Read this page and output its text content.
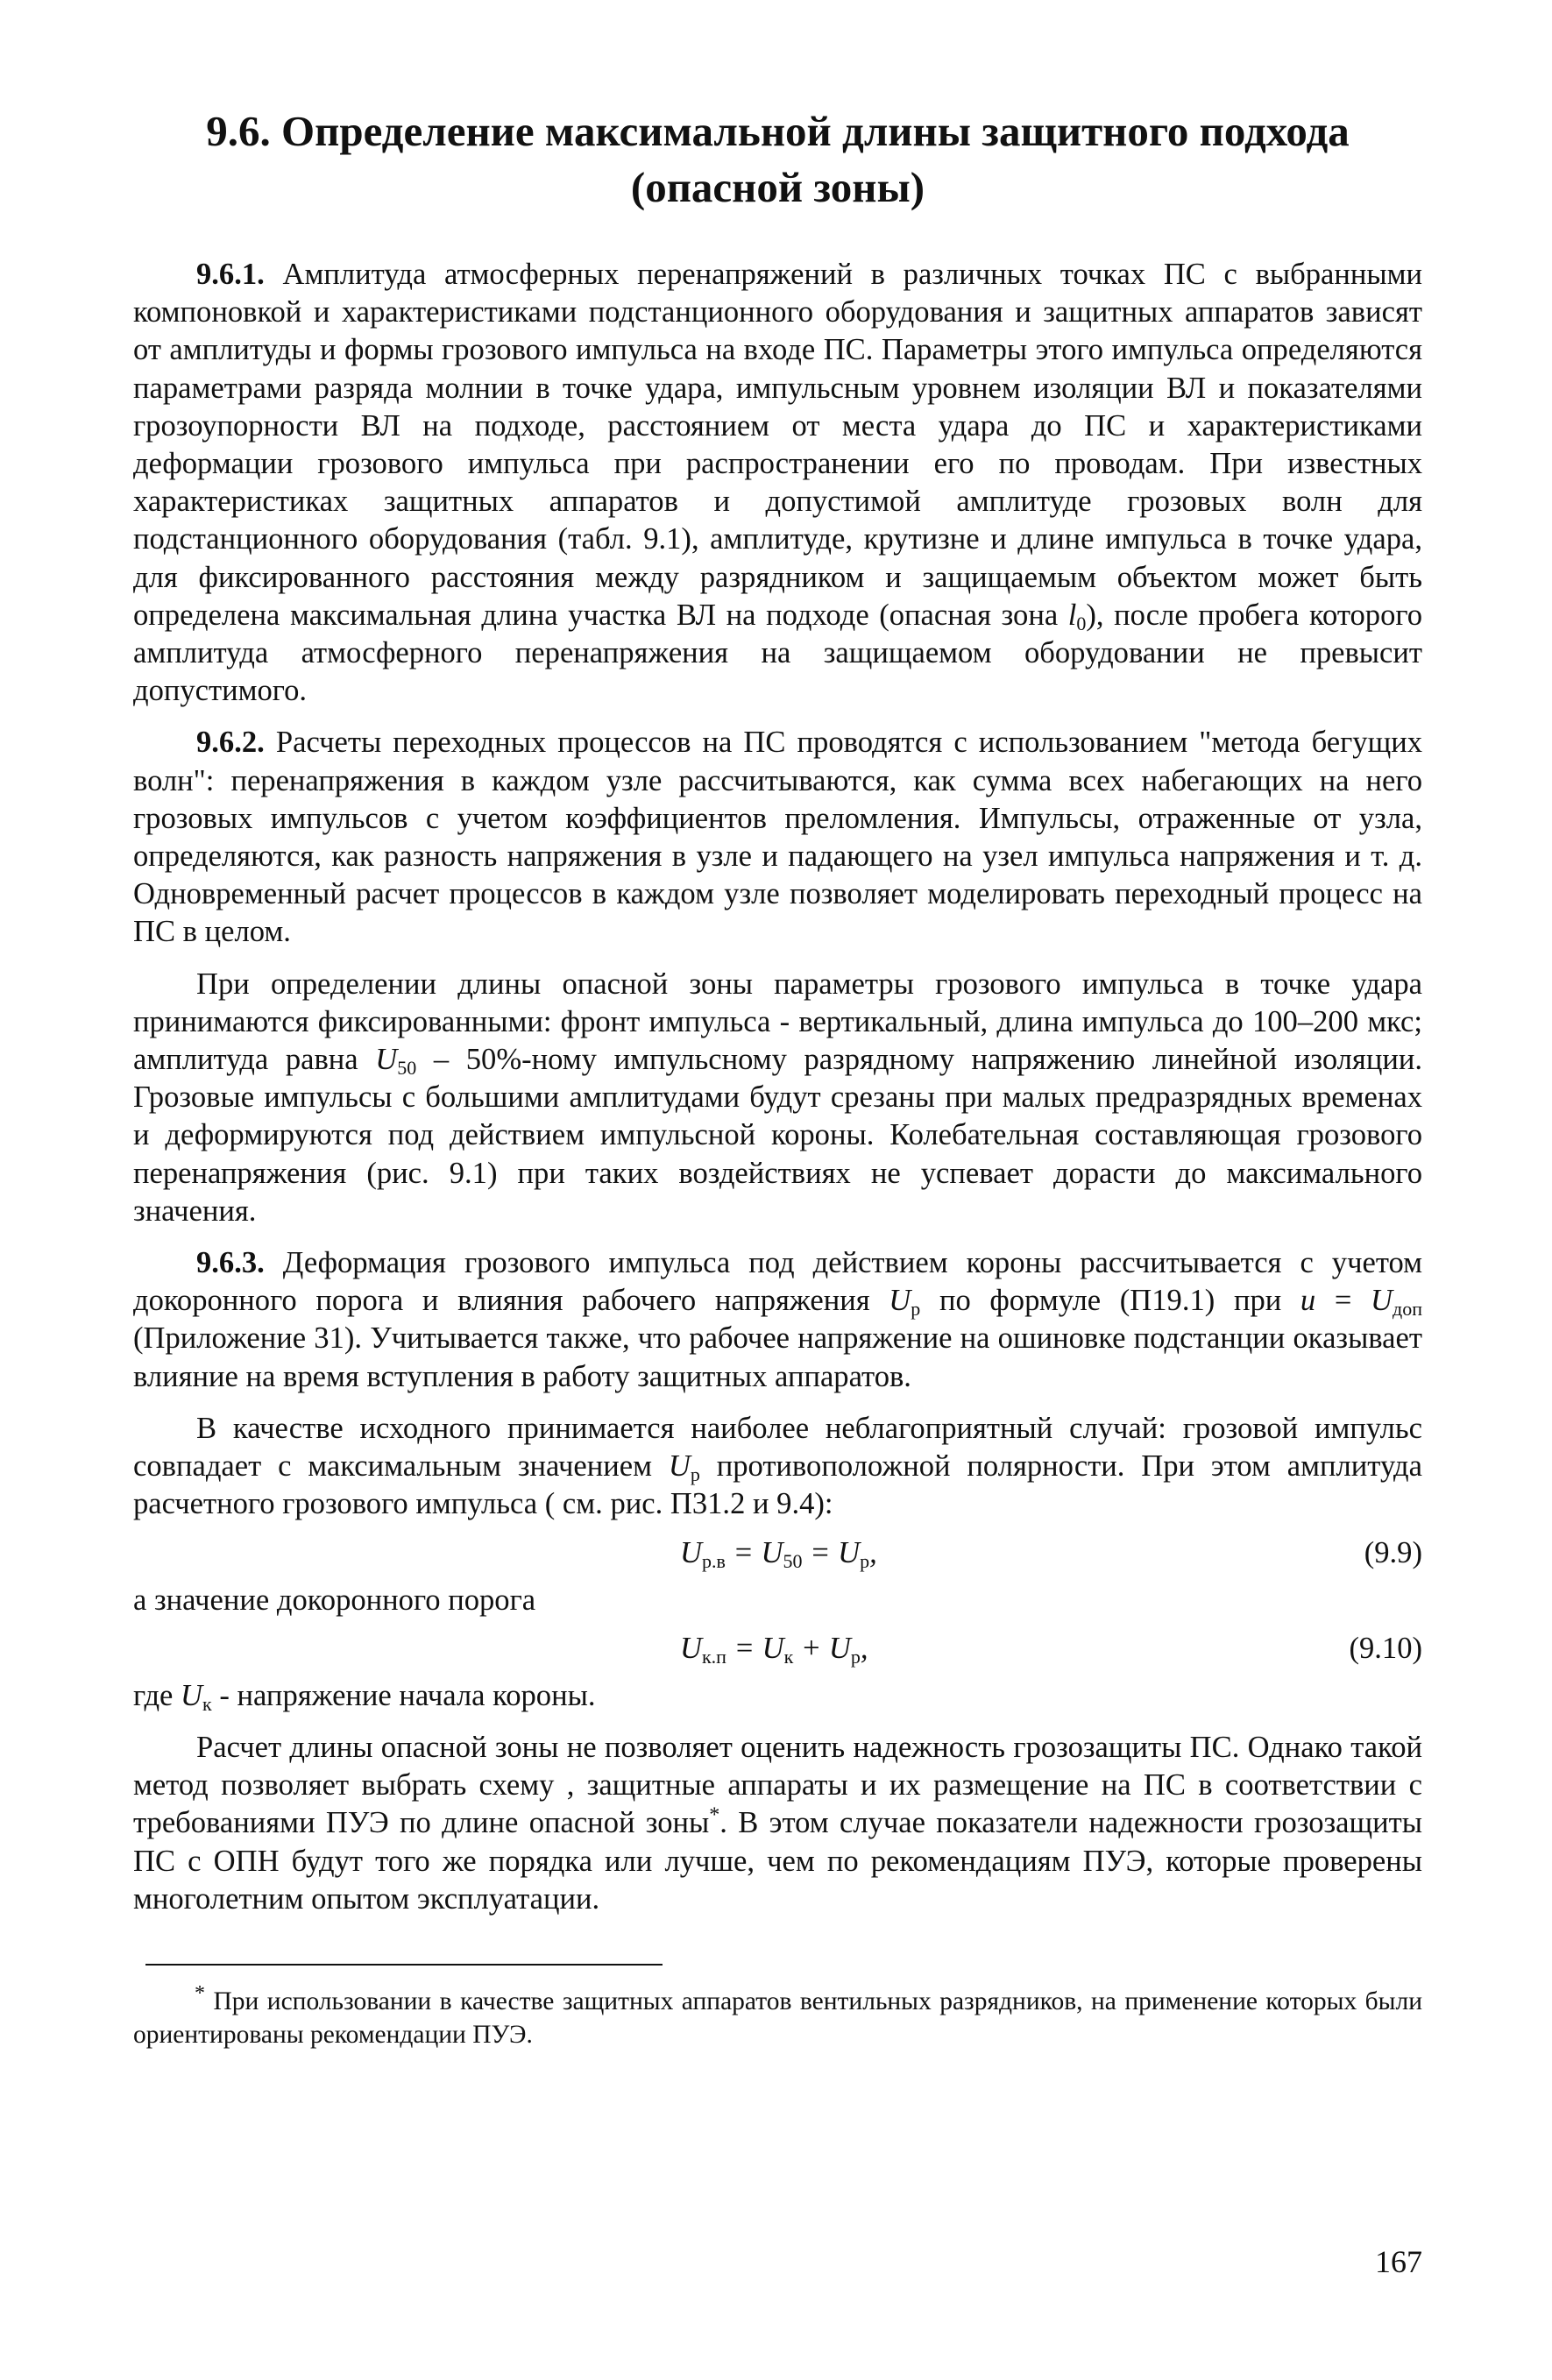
9.6. Определение максимальной длины защитного подхода
(опасной зоны)

9.6.1. Амплитуда атмосферных перенапряжений в различных точках ПС с выбранными компоновкой и характеристиками подстанционного оборудования и защитных аппаратов зависят от амплитуды и формы грозового импульса на входе ПС. Параметры этого импульса определяются параметрами разряда молнии в точке удара, импульсным уровнем изоляции ВЛ и показателями грозоупорности ВЛ на подходе, расстоянием от места удара до ПС и характеристиками деформации грозового импульса при распространении его по проводам. При известных характеристиках защитных аппаратов и допустимой амплитуде грозовых волн для подстанционного оборудования (табл. 9.1), амплитуде, крутизне и длине импульса в точке удара, для фиксированного расстояния между разрядником и защищаемым объектом может быть определена максимальная длина участка ВЛ на подходе (опасная зона $l_0$), после пробега которого амплитуда атмосферного перенапряжения на защищаемом оборудовании не превысит допустимого.

9.6.2. Расчеты переходных процессов на ПС проводятся с использованием "метода бегущих волн": перенапряжения в каждом узле рассчитываются, как сумма всех набегающих на него грозовых импульсов с учетом коэффициентов преломления. Импульсы, отраженные от узла, определяются, как разность напряжения в узле и падающего на узел импульса напряжения и т. д. Одновременный расчет процессов в каждом узле позволяет моделировать переходный процесс на ПС в целом.

При определении длины опасной зоны параметры грозового импульса в точке удара принимаются фиксированными: фронт импульса - вертикальный, длина импульса до 100–200 мкс; амплитуда равна $U_{50}$ – 50%-ному импульсному разрядному напряжению линейной изоляции. Грозовые импульсы с большими амплитудами будут срезаны при малых предразрядных временах и деформируются под действием импульсной короны. Колебательная составляющая грозового перенапряжения (рис. 9.1) при таких воздействиях не успевает дорасти до максимального значения.

9.6.3. Деформация грозового импульса под действием короны рассчитывается с учетом докоронного порога и влияния рабочего напряжения $U_р$ по формуле (П19.1) при $u = U_{доп}$ (Приложение 31). Учитывается также, что рабочее напряжение на ошиновке подстанции оказывает влияние на время вступления в работу защитных аппаратов.

В качестве исходного принимается наиболее неблагоприятный случай: грозовой импульс совпадает с максимальным значением $U_р$ противоположной полярности. При этом амплитуда расчетного грозового импульса ( см. рис. П31.2 и 9.4):

$U_{р.в} = U_{50} = U_р$,	(9.9)

а значение докоронного порога

$U_{к.п} = U_к + U_р$,	(9.10)

где $U_к$ - напряжение начала короны.

Расчет длины опасной зоны не позволяет оценить надежность грозозащиты ПС. Однако такой метод позволяет выбрать схему , защитные аппараты и их размещение на ПС в соответствии с требованиями ПУЭ по длине опасной зоны*. В этом случае показатели надежности грозозащиты ПС с ОПН будут того же порядка или лучше, чем по рекомендациям ПУЭ, которые проверены многолетним опытом эксплуатации.

* При использовании в качестве защитных аппаратов вентильных разрядников, на применение которых были ориентированы рекомендации ПУЭ.

167
